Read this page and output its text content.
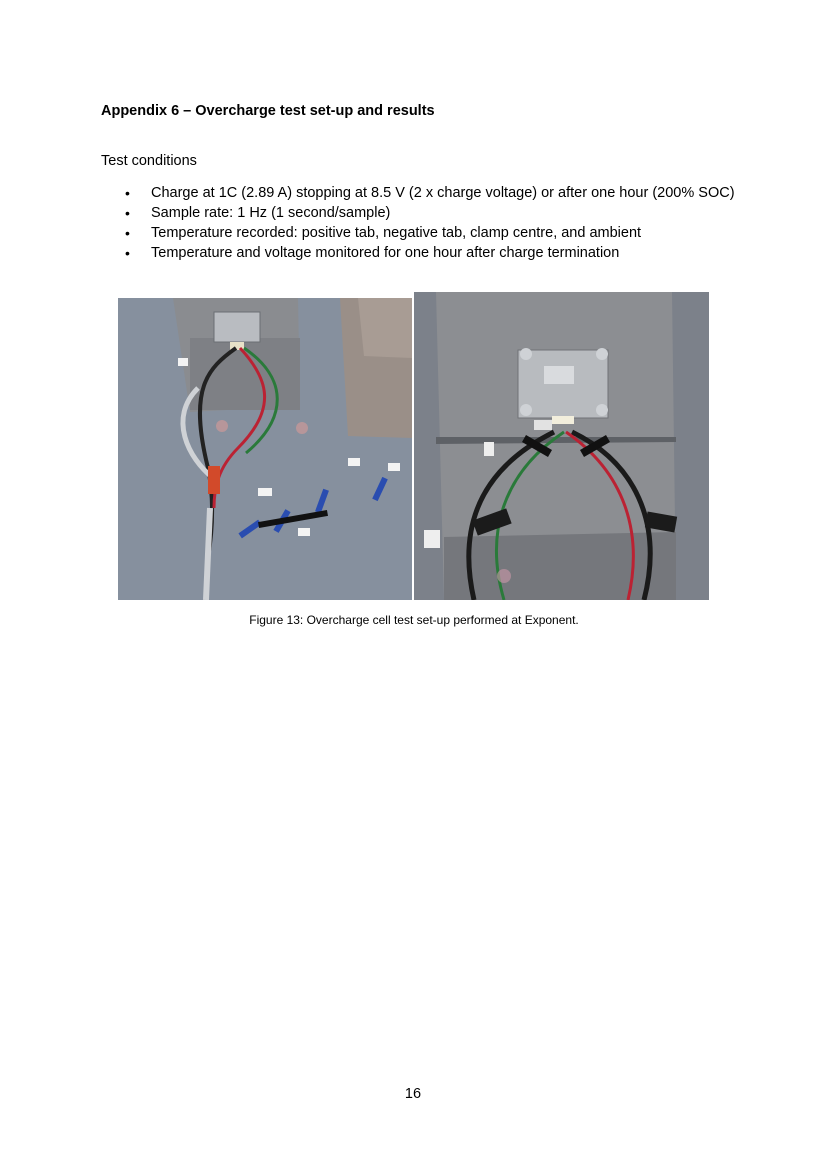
Appendix 6 – Overcharge test set-up and results
Test conditions
• Charge at 1C (2.89 A) stopping at 8.5 V (2 x charge voltage) or after one hour (200% SOC)
• Sample rate: 1 Hz (1 second/sample)
• Temperature recorded: positive tab, negative tab, clamp centre, and ambient
• Temperature and voltage monitored for one hour after charge termination
Figure 13: Overcharge cell test set-up performed at Exponent.
16
